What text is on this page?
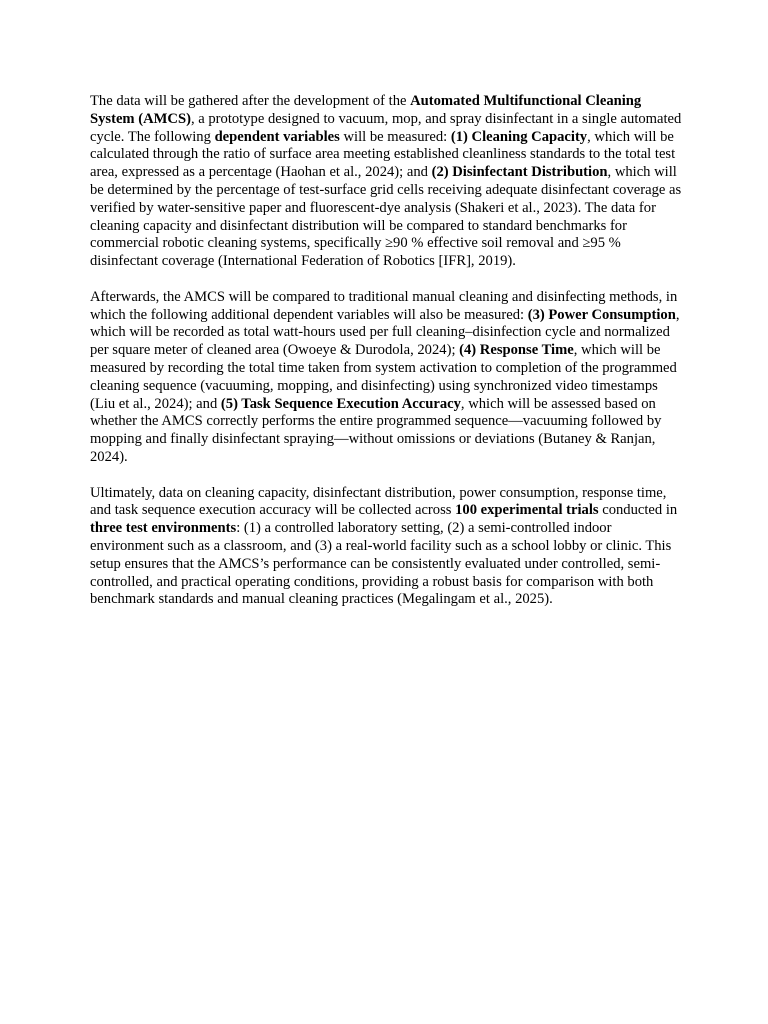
The data will be gathered after the development of the Automated Multifunctional Cleaning System (AMCS), a prototype designed to vacuum, mop, and spray disinfectant in a single automated cycle. The following dependent variables will be measured: (1) Cleaning Capacity, which will be calculated through the ratio of surface area meeting established cleanliness standards to the total test area, expressed as a percentage (Haohan et al., 2024); and (2) Disinfectant Distribution, which will be determined by the percentage of test-surface grid cells receiving adequate disinfectant coverage as verified by water-sensitive paper and fluorescent-dye analysis (Shakeri et al., 2023). The data for cleaning capacity and disinfectant distribution will be compared to standard benchmarks for commercial robotic cleaning systems, specifically ≥90 % effective soil removal and ≥95 % disinfectant coverage (International Federation of Robotics [IFR], 2019).

Afterwards, the AMCS will be compared to traditional manual cleaning and disinfecting methods, in which the following additional dependent variables will also be measured: (3) Power Consumption, which will be recorded as total watt-hours used per full cleaning–disinfection cycle and normalized per square meter of cleaned area (Owoeye & Durodola, 2024); (4) Response Time, which will be measured by recording the total time taken from system activation to completion of the programmed cleaning sequence (vacuuming, mopping, and disinfecting) using synchronized video timestamps (Liu et al., 2024); and (5) Task Sequence Execution Accuracy, which will be assessed based on whether the AMCS correctly performs the entire programmed sequence—vacuuming followed by mopping and finally disinfectant spraying—without omissions or deviations (Butaney & Ranjan, 2024).

Ultimately, data on cleaning capacity, disinfectant distribution, power consumption, response time, and task sequence execution accuracy will be collected across 100 experimental trials conducted in three test environments: (1) a controlled laboratory setting, (2) a semi-controlled indoor environment such as a classroom, and (3) a real-world facility such as a school lobby or clinic. This setup ensures that the AMCS’s performance can be consistently evaluated under controlled, semi-controlled, and practical operating conditions, providing a robust basis for comparison with both benchmark standards and manual cleaning practices (Megalingam et al., 2025).
